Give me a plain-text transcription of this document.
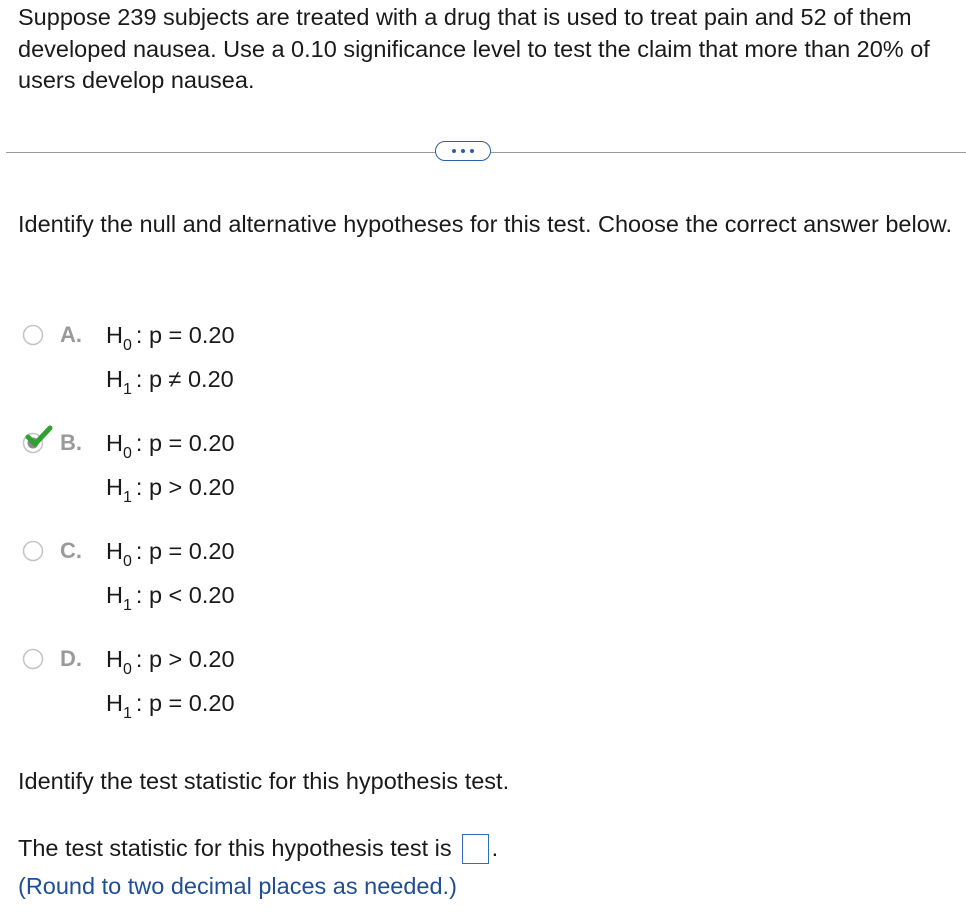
Suppose 239 subjects are treated with a drug that is used to treat pain and 52 of them developed nausea. Use a 0.10 significance level to test the claim that more than 20% of users develop nausea.

Identify the null and alternative hypotheses for this test. Choose the correct answer below.

A. $H_0$ : p = 0.20
$H_1$ : p ≠ 0.20
B. $H_0$ : p = 0.20
$H_1$ : p > 0.20
C. $H_0$ : p = 0.20
$H_1$ : p < 0.20
D. $H_0$ : p > 0.20
$H_1$ : p = 0.20

Identify the test statistic for this hypothesis test.

The test statistic for this hypothesis test is .
(Round to two decimal places as needed.)
